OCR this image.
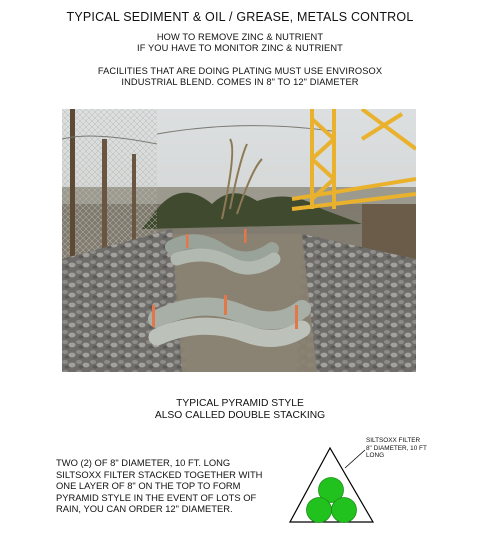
TYPICAL SEDIMENT & OIL / GREASE, METALS CONTROL
HOW TO REMOVE ZINC & NUTRIENT
IF YOU HAVE TO MONITOR ZINC & NUTRIENT
FACILITIES THAT ARE DOING PLATING MUST USE ENVIROSOX
INDUSTRIAL BLEND. COMES IN 8" TO 12" DIAMETER
TYPICAL PYRAMID STYLE
ALSO CALLED DOUBLE STACKING

TWO (2) OF 8" DIAMETER, 10 FT. LONG
SILTSOXX FILTER STACKED TOGETHER WITH
ONE LAYER OF 8" ON THE TOP TO FORM
PYRAMID STYLE IN THE EVENT OF LOTS OF
RAIN, YOU CAN ORDER 12" DIAMETER.

SILTSOXX FILTER
8" DIAMETER, 10 FT
LONG
